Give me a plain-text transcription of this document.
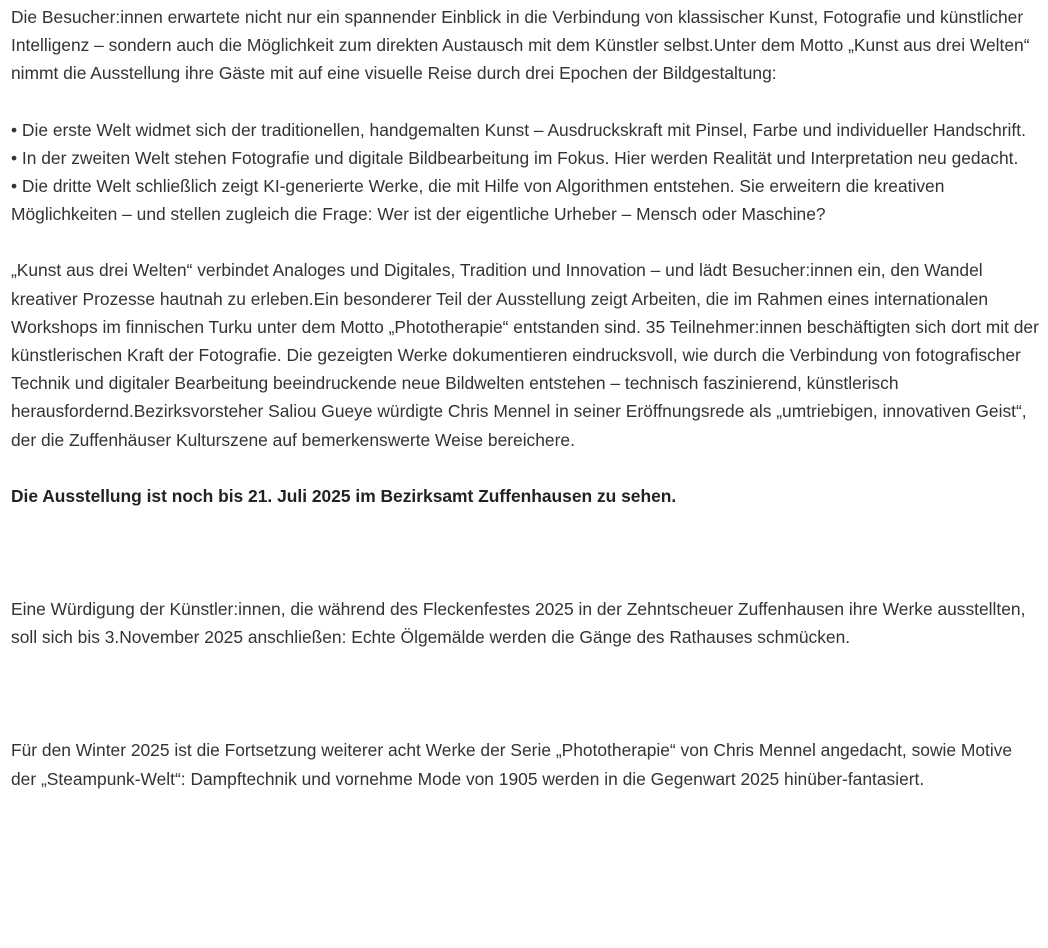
Die Besucher:innen erwartete nicht nur ein spannender Einblick in die Verbindung von klassischer Kunst, Fotografie und künstlicher Intelligenz – sondern auch die Möglichkeit zum direkten Austausch mit dem Künstler selbst.Unter dem Motto „Kunst aus drei Welten“ nimmt die Ausstellung ihre Gäste mit auf eine visuelle Reise durch drei Epochen der Bildgestaltung:

• Die erste Welt widmet sich der traditionellen, handgemalten Kunst – Ausdruckskraft mit Pinsel, Farbe und individueller Handschrift.

• In der zweiten Welt stehen Fotografie und digitale Bildbearbeitung im Fokus. Hier werden Realität und Interpretation neu gedacht.

• Die dritte Welt schließlich zeigt KI-generierte Werke, die mit Hilfe von Algorithmen entstehen. Sie erweitern die kreativen Möglichkeiten – und stellen zugleich die Frage: Wer ist der eigentliche Urheber – Mensch oder Maschine?

„Kunst aus drei Welten“ verbindet Analoges und Digitales, Tradition und Innovation – und lädt Besucher:innen ein, den Wandel kreativer Prozesse hautnah zu erleben.Ein besonderer Teil der Ausstellung zeigt Arbeiten, die im Rahmen eines internationalen Workshops im finnischen Turku unter dem Motto „Phototherapie“ entstanden sind. 35 Teilnehmer:innen beschäftigten sich dort mit der künstlerischen Kraft der Fotografie. Die gezeigten Werke dokumentieren eindrucksvoll, wie durch die Verbindung von fotografischer Technik und digitaler Bearbeitung beeindruckende neue Bildwelten entstehen – technisch faszinierend, künstlerisch herausfordernd.Bezirksvorsteher Saliou Gueye würdigte Chris Mennel in seiner Eröffnungsrede als „umtriebigen, innovativen Geist“, der die Zuffenhäuser Kulturszene auf bemerkenswerte Weise bereichere.

Die Ausstellung ist noch bis 21. Juli 2025 im Bezirksamt Zuffenhausen zu sehen.

Eine Würdigung der Künstler:innen, die während des Fleckenfestes 2025 in der Zehntscheuer Zuffenhausen ihre Werke ausstellten, soll sich bis 3.November 2025 anschließen: Echte Ölgemälde werden die Gänge des Rathauses schmücken.

Für den Winter 2025 ist die Fortsetzung weiterer acht Werke der Serie „Phototherapie“ von Chris Mennel angedacht, sowie Motive der „Steampunk-Welt“: Dampftechnik und vornehme Mode von 1905 werden in die Gegenwart 2025 hinüber-fantasiert.
